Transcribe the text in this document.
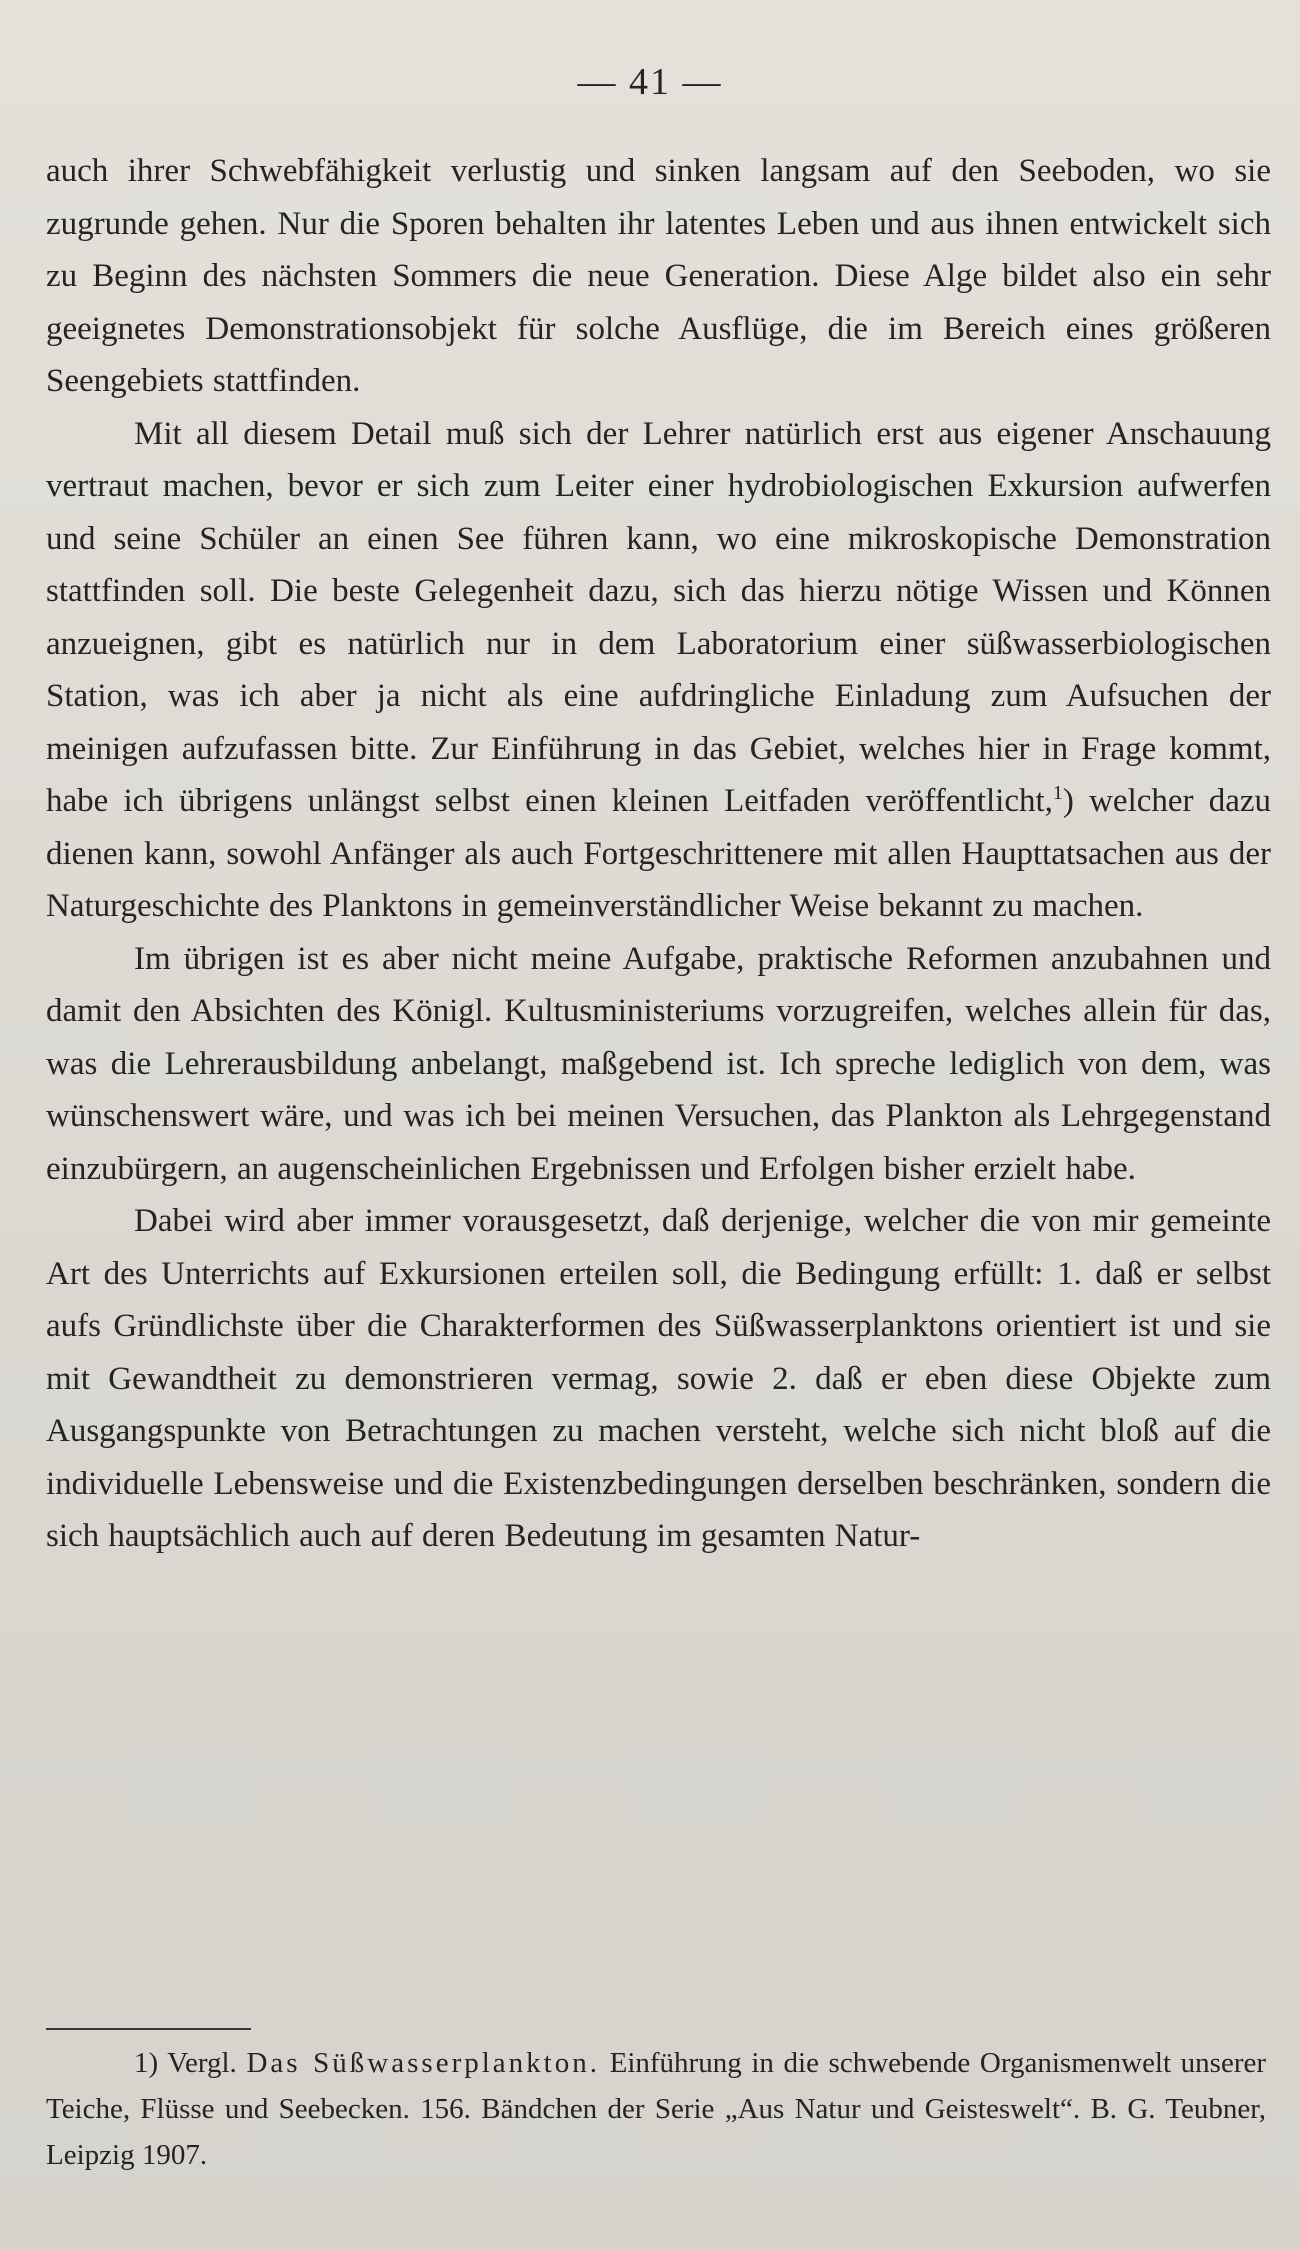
— 41 —

auch ihrer Schwebfähigkeit verlustig und sinken langsam auf den Seeboden, wo sie zugrunde gehen. Nur die Sporen behalten ihr latentes Leben und aus ihnen entwickelt sich zu Beginn des nächsten Sommers die neue Generation. Diese Alge bildet also ein sehr geeignetes Demonstrationsobjekt für solche Ausflüge, die im Bereich eines größeren Seengebiets stattfinden.

Mit all diesem Detail muß sich der Lehrer natürlich erst aus eigener Anschauung vertraut machen, bevor er sich zum Leiter einer hydrobiologischen Exkursion aufwerfen und seine Schüler an einen See führen kann, wo eine mikroskopische Demonstration stattfinden soll. Die beste Gelegenheit dazu, sich das hierzu nötige Wissen und Können anzueignen, gibt es natürlich nur in dem Laboratorium einer süßwasserbiologischen Station, was ich aber ja nicht als eine aufdringliche Einladung zum Aufsuchen der meinigen aufzufassen bitte. Zur Einführung in das Gebiet, welches hier in Frage kommt, habe ich übrigens unlängst selbst einen kleinen Leitfaden veröffentlicht,$^1$) welcher dazu dienen kann, sowohl Anfänger als auch Fortgeschrittenere mit allen Haupttatsachen aus der Naturgeschichte des Planktons in gemeinverständlicher Weise bekannt zu machen.

Im übrigen ist es aber nicht meine Aufgabe, praktische Reformen anzubahnen und damit den Absichten des Königl. Kultusministeriums vorzugreifen, welches allein für das, was die Lehrerausbildung anbelangt, maßgebend ist. Ich spreche lediglich von dem, was wünschenswert wäre, und was ich bei meinen Versuchen, das Plankton als Lehrgegenstand einzubürgern, an augenscheinlichen Ergebnissen und Erfolgen bisher erzielt habe.

Dabei wird aber immer vorausgesetzt, daß derjenige, welcher die von mir gemeinte Art des Unterrichts auf Exkursionen erteilen soll, die Bedingung erfüllt: 1. daß er selbst aufs Gründlichste über die Charakterformen des Süßwasserplanktons orientiert ist und sie mit Gewandtheit zu demonstrieren vermag, sowie 2. daß er eben diese Objekte zum Ausgangspunkte von Betrachtungen zu machen versteht, welche sich nicht bloß auf die individuelle Lebensweise und die Existenzbedingungen derselben beschränken, sondern die sich hauptsächlich auch auf deren Bedeutung im gesamten Natur-

1) Vergl. Das Süßwasserplankton. Einführung in die schwebende Organismenwelt unserer Teiche, Flüsse und Seebecken. 156. Bändchen der Serie „Aus Natur und Geisteswelt“. B. G. Teubner, Leipzig 1907.
